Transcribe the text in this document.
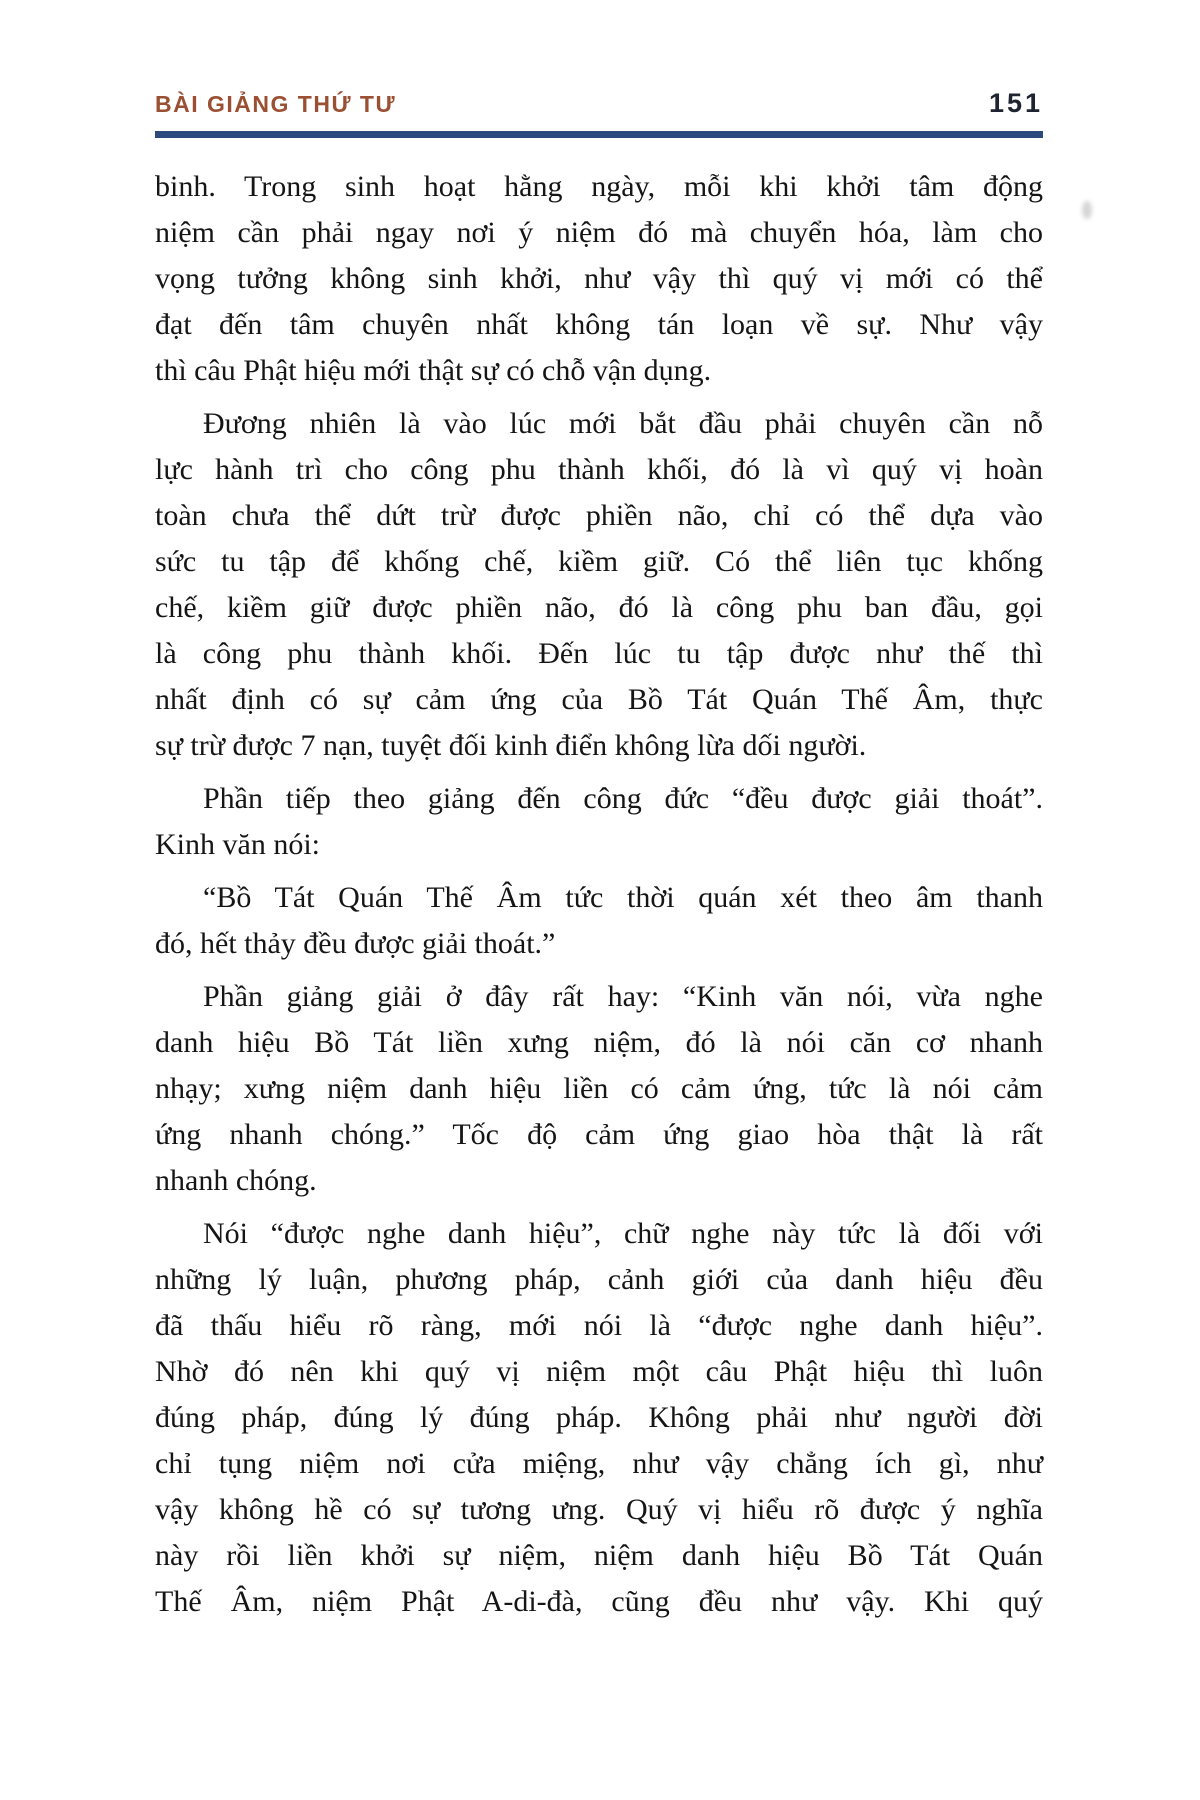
BÀI GIẢNG THỨ TƯ	151

binh. Trong sinh hoạt hằng ngày, mỗi khi khởi tâm động
niệm cần phải ngay nơi ý niệm đó mà chuyển hóa, làm cho
vọng tưởng không sinh khởi, như vậy thì quý vị mới có thể
đạt đến tâm chuyên nhất không tán loạn về sự. Như vậy
thì câu Phật hiệu mới thật sự có chỗ vận dụng.

Đương nhiên là vào lúc mới bắt đầu phải chuyên cần nỗ
lực hành trì cho công phu thành khối, đó là vì quý vị hoàn
toàn chưa thể dứt trừ được phiền não, chỉ có thể dựa vào
sức tu tập để khống chế, kiềm giữ. Có thể liên tục khống
chế, kiềm giữ được phiền não, đó là công phu ban đầu, gọi
là công phu thành khối. Đến lúc tu tập được như thế thì
nhất định có sự cảm ứng của Bồ Tát Quán Thế Âm, thực
sự trừ được 7 nạn, tuyệt đối kinh điển không lừa dối người.

Phần tiếp theo giảng đến công đức “đều được giải thoát”.
Kinh văn nói:

“Bồ Tát Quán Thế Âm tức thời quán xét theo âm thanh
đó, hết thảy đều được giải thoát.”

Phần giảng giải ở đây rất hay: “Kinh văn nói, vừa nghe
danh hiệu Bồ Tát liền xưng niệm, đó là nói căn cơ nhanh
nhạy; xưng niệm danh hiệu liền có cảm ứng, tức là nói cảm
ứng nhanh chóng.” Tốc độ cảm ứng giao hòa thật là rất
nhanh chóng.

Nói “được nghe danh hiệu”, chữ nghe này tức là đối với
những lý luận, phương pháp, cảnh giới của danh hiệu đều
đã thấu hiểu rõ ràng, mới nói là “được nghe danh hiệu”.
Nhờ đó nên khi quý vị niệm một câu Phật hiệu thì luôn
đúng pháp, đúng lý đúng pháp. Không phải như người đời
chỉ tụng niệm nơi cửa miệng, như vậy chẳng ích gì, như
vậy không hề có sự tương ưng. Quý vị hiểu rõ được ý nghĩa
này rồi liền khởi sự niệm, niệm danh hiệu Bồ Tát Quán
Thế Âm, niệm Phật A-di-đà, cũng đều như vậy. Khi quý
